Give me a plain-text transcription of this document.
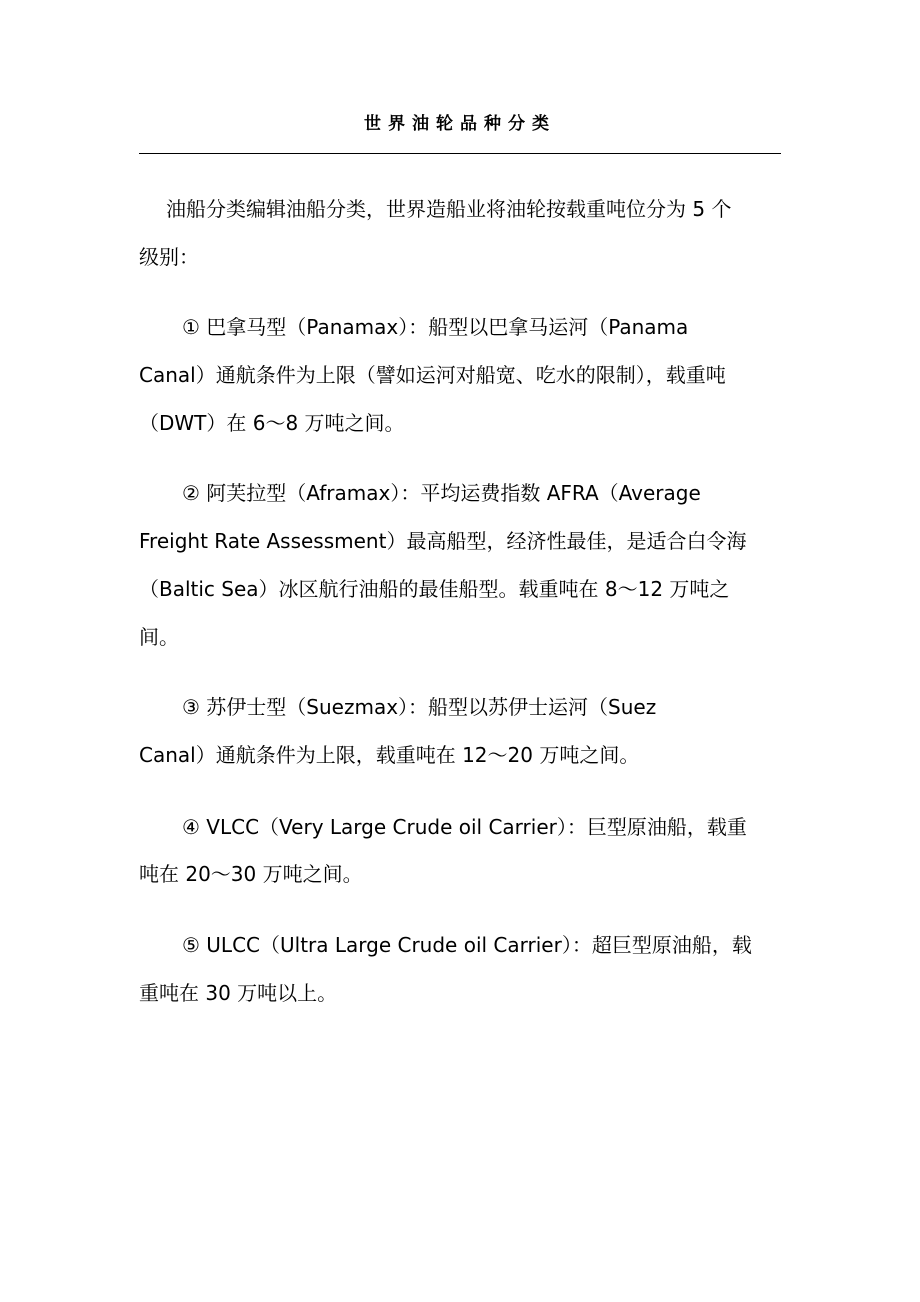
世界油轮品种分类
油船分类编辑油船分类，世界造船业将油轮按载重吨位分为 5 个
级别：
① 巴拿马型（Panamax）：船型以巴拿马运河（Panama
Canal）通航条件为上限（譬如运河对船宽、吃水的限制），载重吨
（DWT）在 6～8 万吨之间。
② 阿芙拉型（Aframax）：平均运费指数 AFRA（Average
Freight Rate Assessment）最高船型，经济性最佳，是适合白令海
（Baltic Sea）冰区航行油船的最佳船型。载重吨在 8～12 万吨之
间。
③ 苏伊士型（Suezmax）：船型以苏伊士运河（Suez
Canal）通航条件为上限，载重吨在 12～20 万吨之间。
④ VLCC（Very Large Crude oil Carrier）：巨型原油船，载重
吨在 20～30 万吨之间。
⑤ ULCC（Ultra Large Crude oil Carrier）：超巨型原油船，载
重吨在 30 万吨以上。
